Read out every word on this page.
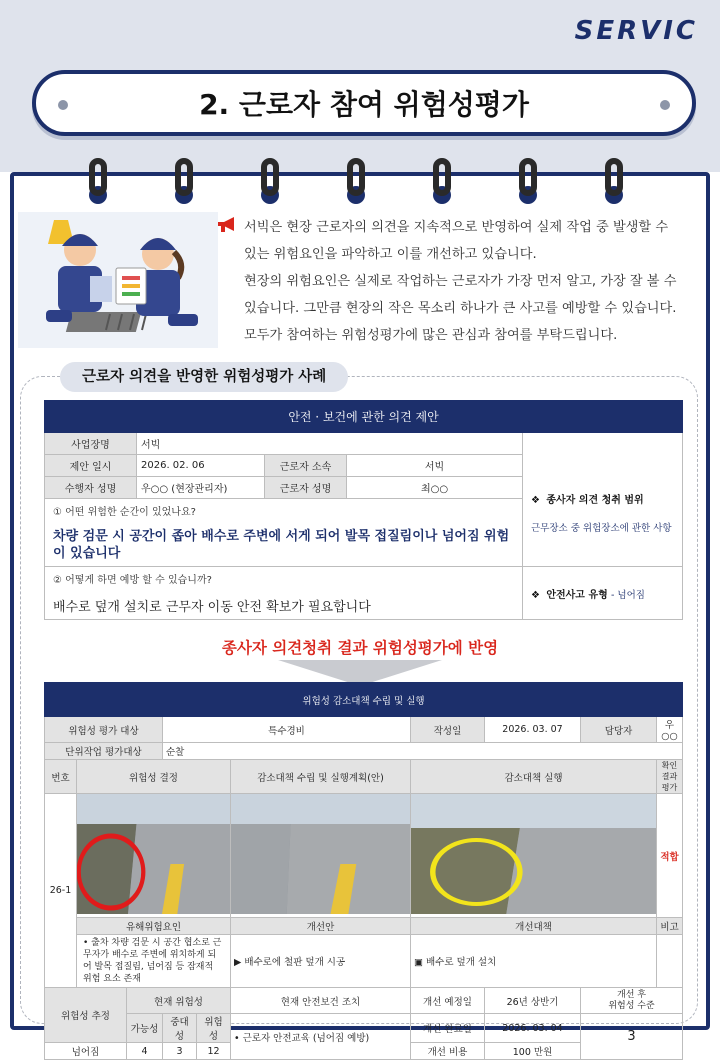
SERVIC
2. 근로자 참여 위험성평가
서빅은 현장 근로자의 의견을 지속적으로 반영하여 실제 작업 중 발생할 수
있는 위험요인을 파악하고 이를 개선하고 있습니다.
현장의 위험요인은 실제로 작업하는 근로자가 가장 먼저 알고, 가장 잘 볼 수
있습니다. 그만큼 현장의 작은 목소리 하나가 큰 사고를 예방할 수 있습니다.
모두가 참여하는 위험성평가에 많은 관심과 참여를 부탁드립니다.
근로자 의견을 반영한 위험성평가 사례
안전 · 보건에 관한 의견 제안				
사업장명	서빅			❖ 종사자 의견 청취 범위
근무장소 중 위험장소에 관한 사항

제안 일시	2026. 02. 06	근로자 소속	서빅	
수행자 성명	우○○ (현장관리자)	근로자 성명	최○○	

① 어떤 위험한 순간이 있었나요?
차량 검문 시 공간이 좁아 배수로 주변에 서게 되어 발목 접질림이나 넘어짐 위험이 있습니다				

② 어떻게 하면 예방 할 수 있습니까?
배수로 덮개 설치로 근무자 이동 안전 확보가 필요합니다				❖ 안전사고 유형 - 넘어짐
종사자 의견청취 결과 위험성평가에 반영
위험성 감소대책 수립 및 실행									
위험성 평가 대상			특수경비			작성일	2026. 03. 07	담당자	우○○
단위작업 평가대상			순찰						
번호	위험성 결정				감소대책 수립 및 실행계획(안)	감소대책 실행			확인결과 평가
26-1									적합
	유해위험요인				개선안	개선대책			비고
	• 출차 차량 검문 시 공간 협소로 근무자가 배수로 주변에 위치하게 되어 발목 접질림, 넘어짐 등 잠재적 위험 요소 존재				▶ 배수로에 철판 덮개 시공	▣ 배수로 덮개 설치			
위험성 추정		현재 위험성			현재 안전보건 조치	개선 예정일	26년 상반기	개선 후
위험성 수준	
		가능성	중대성	위험성	• 근로자 안전교육 (넘어짐 예방)	개선 완료일	2026. 03. 04	3	
넘어짐		4	3	12		개선 비용	100 만원		
